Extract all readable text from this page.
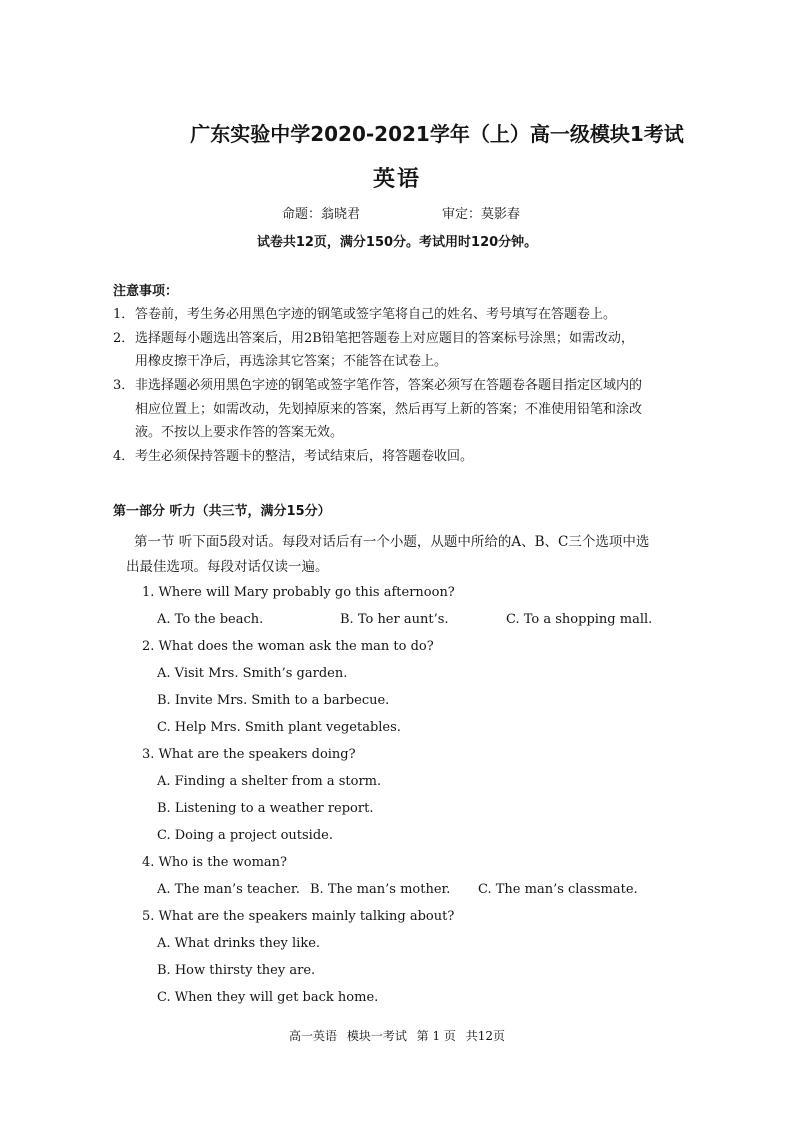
广东实验中学2020-2021学年（上）高一级模块1考试
英语
命题：翁晓君	审定：莫影春
试卷共12页，满分150分。考试用时120分钟。
注意事项：
1． 答卷前，考生务必用黑色字迹的钢笔或签字笔将自己的姓名、考号填写在答题卷上。
2． 选择题每小题选出答案后，用2B铅笔把答题卷上对应题目的答案标号涂黑；如需改动，
用橡皮擦干净后，再选涂其它答案；不能答在试卷上。
3． 非选择题必须用黑色字迹的钢笔或签字笔作答，答案必须写在答题卷各题目指定区域内的
相应位置上；如需改动，先划掉原来的答案，然后再写上新的答案；不准使用铅笔和涂改
液。不按以上要求作答的答案无效。
4． 考生必须保持答题卡的整洁，考试结束后，将答题卷收回。
第一部分 听力（共三节，满分15分）
第一节 听下面5段对话。每段对话后有一个小题，从题中所给的A、B、C三个选项中选
出最佳选项。每段对话仅读一遍。
1. Where will Mary probably go this afternoon?
A. To the beach.	B. To her aunt’s.	C. To a shopping mall.
2. What does the woman ask the man to do?
A. Visit Mrs. Smith’s garden.
B. Invite Mrs. Smith to a barbecue.
C. Help Mrs. Smith plant vegetables.
3. What are the speakers doing?
A. Finding a shelter from a storm.
B. Listening to a weather report.
C. Doing a project outside.
4. Who is the woman?
A. The man’s teacher. B. The man’s mother. C. The man’s classmate.
5. What are the speakers mainly talking about?
A. What drinks they like.
B. How thirsty they are.
C. When they will get back home.
高一英语 模块一考试 第 1 页 共12页
